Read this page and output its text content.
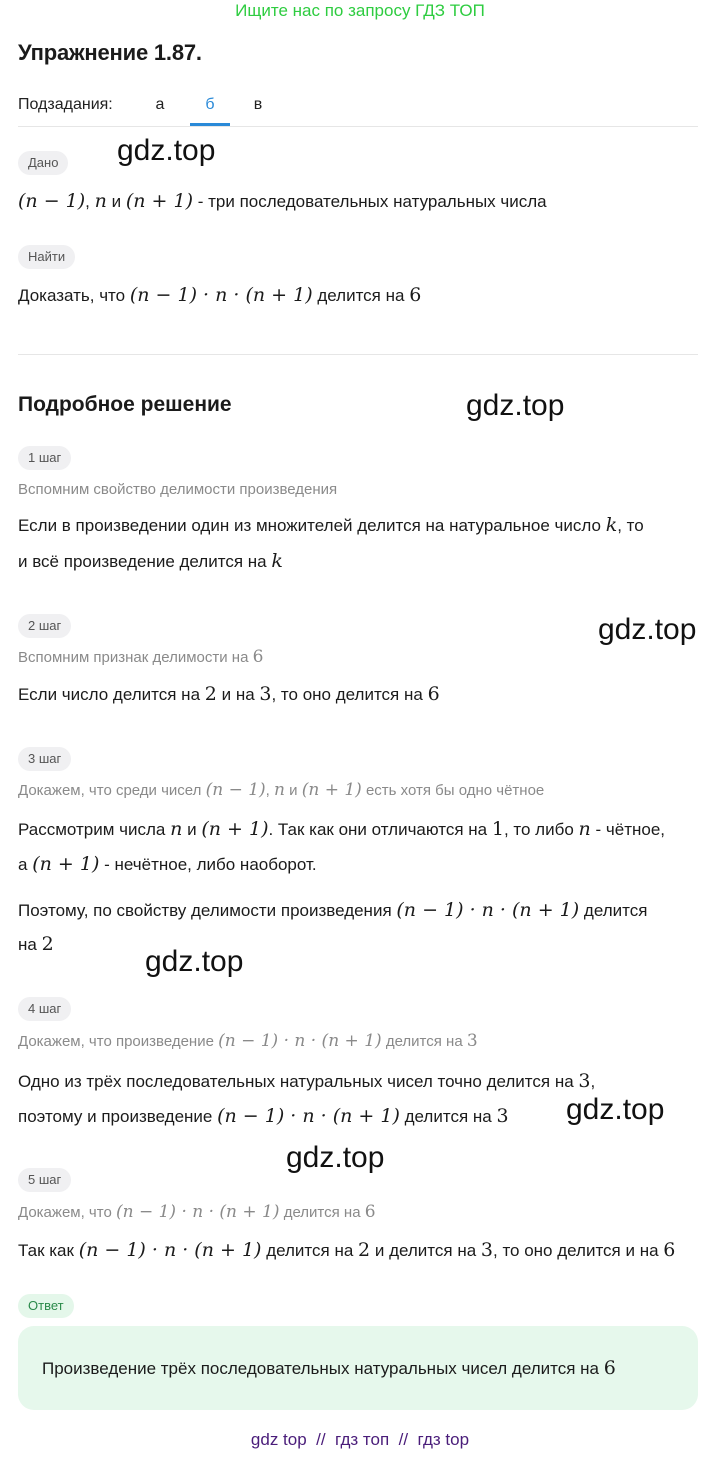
Ищите нас по запросу ГДЗ ТОП
Упражнение 1.87.
Подзадания:	а	б	в
Дано
(n − 1), n и (n + 1) - три последовательных натуральных числа
Найти
Доказать, что (n − 1) · n · (n + 1) делится на 6
Подробное решение
1 шаг
Вспомним свойство делимости произведения
Если в произведении один из множителей делится на натуральное число k, то
и всё произведение делится на k
2 шаг
Вспомним признак делимости на 6
Если число делится на 2 и на 3, то оно делится на 6
3 шаг
Докажем, что среди чисел (n − 1), n и (n + 1) есть хотя бы одно чётное
Рассмотрим числа n и (n + 1). Так как они отличаются на 1, то либо n - чётное,
а (n + 1) - нечётное, либо наоборот.
Поэтому, по свойству делимости произведения (n − 1) · n · (n + 1) делится
на 2
4 шаг
Докажем, что произведение (n − 1) · n · (n + 1) делится на 3
Одно из трёх последовательных натуральных чисел точно делится на 3,
поэтому и произведение (n − 1) · n · (n + 1) делится на 3
5 шаг
Докажем, что (n − 1) · n · (n + 1) делится на 6
Так как (n − 1) · n · (n + 1) делится на 2 и делится на 3, то оно делится и на 6
Ответ
Произведение трёх последовательных натуральных чисел делится на 6
gdz.top
gdz.top
gdz.top
gdz.top
gdz.top
gdz.top
gdz top // гдз топ // гдз top
